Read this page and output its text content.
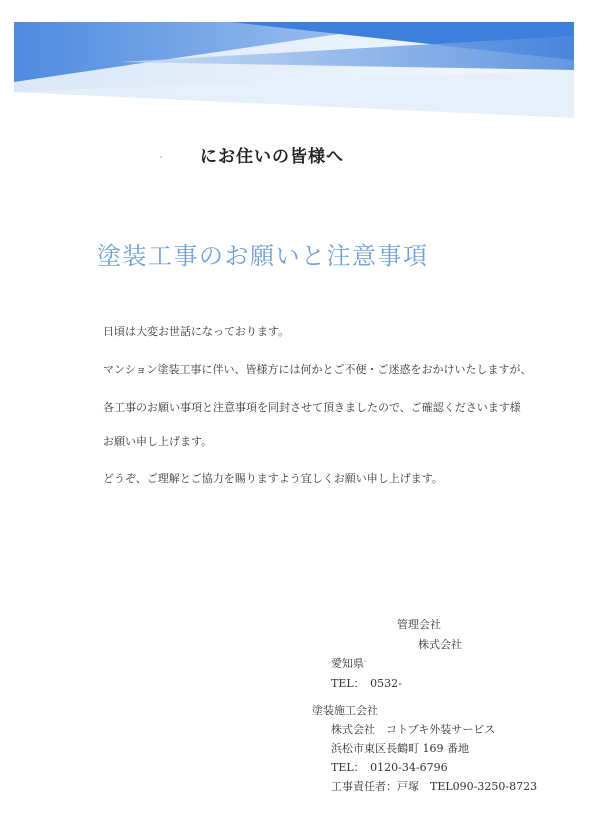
にお住いの皆様へ
塗装工事のお願いと注意事項
日頃は大変お世話になっております。
マンション塗装工事に伴い、皆様方には何かとご不便・ご迷惑をおかけいたしますが、
各工事のお願い事項と注意事項を同封させて頂きましたので、ご確認くださいます様
お願い申し上げます。
どうぞ、ご理解とご協力を賜りますよう宜しくお願い申し上げます。
管理会社
株式会社
愛知県
TEL：　0532-
塗装施工会社
株式会社　コトブキ外装サービス
浜松市東区長鶴町 169 番地
TEL：　0120-34-6796
工事責任者：戸塚　TEL090-3250-8723
